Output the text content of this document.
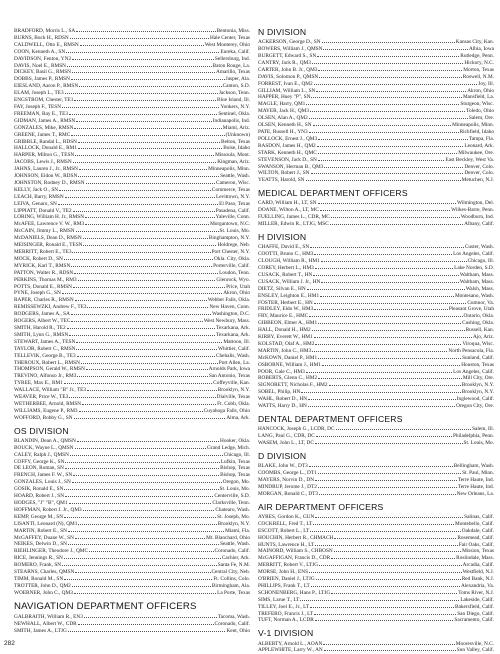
BRADFORD, Morris L., SA	Bentonia, Miss.
BURNS, Buck H., RDSN	Hale Center, Texas
CALDWELL, Otto E., RMSN	West Monterey, Ohio
COON, Kenneth A., SN	Eureka, Calif.
DAVIDSON, Fenton, YN2	Sellersburg, Ind.
DAVIS, Noel E., RMSN	Baton Rouge, La.
DICKEY, Basil G., RMSN	Amarillo, Texas
DOBBS, James P., RMSN	Jasper, Ala.
EIESLAND, Aaron P., RMSN	Canton, S.D.
ELAM, Joseph L., TE3	Jackson, Tenn.
ENGSTROM, Chester, TE1	Blue Island, Ill.
FAY, Joseph F., TESN	Yonkers, N.Y.
FREEMAN, Ray E., TE3	Sentinel, Okla.
GIDMAN, James A., RMSN	Indianapolis, Ind.
GONZALES, Mike, RMSN	Miami, Ariz.
GREENE, James T., RMC	(Unknown)
GRIBBLE, Randal L., RDSN	Belton, Texas
HALLOCK, Donald E., RM1	Boise, Idaho
HARPER, Milton G., TESN	Missoula, Mont.
JACOBS, Lewis J., RMSN	Kingman, Ariz.
JAHNS, Lauren J., Jr., RMSN	Minneapolis, Minn.
JOHNSON, Eldon W., RDSN	Seattle, Wash.
JOHNSTON, Rodney D., RMSN	Cameron, Wisc.
KELLY, Jack O., SN	Commerce, Texas
LEACH, Barry, RMSN	Levittown, N.Y.
LEIVA, Genaro, SN	El Paso, Texas
LIPPIATT, Donald V., TE2	Pasadena, Calif.
LORING, William H. Jr., RMSN	Yaleville, Conn.
McAFEE, Lawrence V. W., RM3	Morgantown, N.C.
McCAIN, Jimmy L., RMSN	St. Louis, Mo.
McDANIELS, Dean D., RMSN	Binghampton, N.Y.
MEISINGER, Ronald E., TESN	Holdrege, Neb.
MERRITT, Robert E., TE3	Port Chester, N.Y.
MOCK, Robert D., SN	Okla. City, Okla.
MYRICK, Karl T., RMSN	Porterville, Calif.
PATTON, Walter R., RDSN	Loudon, Tenn.
PERKINS, Thomas M., RM3	Glenrock, Wyo.
POTTS, Donald E., RMSN	Price, Utah
PYNE, Joseph G., SN	Akron, Ohio
RAPER, Charles R., RMSN	Webber Falls, Okla.
REMISSEWZKI, Andrew F., TE3	New Haven, Conn.
RODGERS, James A., SA	Washington, D.C.
ROGERS, Albert W., TEC	West Newbury, Mass.
SMITH, Harold R., TE2	Texarkana, Ark.
SMITH, Lynn G., RMSN	Texarkana, Ark.
STEWART, James A., TESN	Mattoon, Ill.
TAYLOR, Robert C., RMSN	Whittier, Calif.
TELLEVIK, George B., TE3	Chehalis, Wash.
THEROUX, Robert L., RMSN	Port Allen, La.
THOMPSON, Gerald W., RMSN	Arnolds Park, Iowa
TREVINO, Alfonso Jr., RM3	San Antonio, Texas
TYREE, Max E., RM1	Coffeyville, Kan.
WALLACE, William "B" Jr., TE3	Brooklyn, N.Y.
WEAVER, Price W., TE3	Dialville, Texas
WETHERBEE, Arnold, RMSN	Ft. Cobb, Okla.
WILLIAMS, Eugene P., RM3	Cuyahoga Falls, Ohio
WOFFORD, Bobby G., SN	Alma, Ark.
OS DIVISION
BLANDIN, Dean A., QMSN	Hooker, Okla.
BOUCK, Wayne L., QMSN	Grand Ledge, Mich.
CALEY, Ralph J., QMSN	Chicago, Ill.
COFFY, George K., SN	Lufkin, Texas
DE LEON, Roman, SN	Bishop, Texas
FRENCH, James F. W., SN	Bishop, Texas
GONZALES, Louis J., SN	Oregon, Mo.
GOSIK, Ronald E., SN	St. Louis, Mo.
HOARD, Robert J., SN	Centerville, S.D.
HODGES, "J" "B", QM1	Clarksville, Tenn.
HOFFMAN, Robert J. Jr., QM3	Chatearo, Wash.
KEMP, George M., SN	St. Joseph, Mo.
LISANTI, Leonard (N), QM1	Brooklyn, N.Y.
MARTIN, Robert E., SN	Miami, Fla.
McGAFFEY, Duane W., SN	Mt. Blanchard, Ohio
NEIKES, Delwin D., SN	Seattle, Wash.
RIEHLINGER, Theodore J., QMC	Coronado, Calif.
RICE, Jennings R., SN	Cachier, Ark.
ROMERO, Frank, SN	Santa Fe, N.M.
STEARNS, Charles, QMSN	Central City, Neb.
TIMM, Ronald M., SN	Ft. Collins, Colo.
TROTTER, John D., QM2	Birmingham, Ala.
WOERNER, John C., QM3	La Porte, Texas
NAVIGATION DEPARTMENT OFFICERS
GALBRAITH, William R., EN3	Tacoma, Wash.
NEWHALL, Albert W., CDR	Coronado, Calif.
SMITH, James A., LTJG	Kent, Ohio
N DIVISION
ACKERSON, George D., SN	Kansas City, Kan.
BOWERS, William J., QMSN	Albia, Iowa
BURGETT, Edward S., SN	Rutledge, Penn.
CANTRY, Jack R., QM3	Hickory, N.C.
CARTER, John B. Jr., QM3	Morton, Texas
DAVIS, Solomon P., QMSN	Roswell, N.M.
FORREST, Ivan E., QM2	Joy, Ill.
GILLIAM, William L., SN	Akron, Ohio
HAPPER, Huey "P", SN	Mansfield, La.
MAGLE, Harry, QM1	Sturgeon, Wisc.
MAYER, Jack H., QM3	Toledo, Ohio
OLSEN, Alan A., QM2	Salem, Ore.
OLSEN, Kenneth H., SN	Minneapolis, Minn.
PATE, Russell H., YN3	Richfield, Idaho
POLLOCK, Ernest J., QM3	Tampa, Fla.
RASDON, James H., QM2	Leonard, Ark.
STARK, Kenneth H., QMC	Milwaukee, Ore.
STEVENSON, Jack D., SN	East Beckley, West Va.
SWANSON, Herman B., QM3	Denver, Colo.
WILTON, Robert J., SN	Denver, Colo.
YEATTS, Harold, SN	Metuchen, N.J.
MEDICAL DEPARTMENT OFFICERS
CARD, William H., LT, SN	Wilmington, Del.
DOANE, Wilton A., LT, MC	Wilkes-Barre, Penn.
FUELLING, James L., CDR, MC	Woodburn, Ind.
MILLER, Edwin R., LTJG, MSC	Albany, Calif.
H DIVISION
CHAFFE, David E., SN	Custer, Wash.
COOTTI, Bruno C., HM3	Los Angeles, Calif.
CLOUGH, William R., HM1	Chicago, Ill.
COREY, Herbert L., HM3	Lake Norden, S.D.
CUSACK, Robert T., HN	Waltham, Mass.
CUSACK, William J. Jr., HN	Waltham, Mass.
DIETZ, Silvan E., HN	Walsh, Mass.
ENSLEY, Leighton E., HM1	Montesano, Wash.
FOSTER, Herbert E., HN	Cumnor, Va.
FRIDLEY, Eldo W., HM3	Pleasant Grove, Utah
FRY, Maurice E., HMC	Ontario, Okla.
GIBBEON, Elmer A., HM1	Cushing, Okla.
HALL, Donald H., HM2	Russell, Kan.
KIRBY, Everett W., HM1	Ajo, Ariz.
KOLSTAD, Olaf A., HM2	Viroqua, Wisc.
MARTIN, John C., HM3	North Pensacola, Fla.
McKOWN, Daniel P., HM1	Sunland, Calif.
OSBORNE, William J., HM1	Houston, Texas
POOR, Gale C., HM3	Los Angeles, Calif.
ROBERTS, Glenn C., HM2	Mill City, Ore.
SIGNORETT, Nicholas F., HM2	Brooklyn, N.Y.
SOBEL, Philip, HN	Brooklyn, N.Y.
WAHL, Robert D., HN	Inglewood, Calif.
WATTS, Harry D., HN	Oregon City, Ore.
DENTAL DEPARTMENT OFFICERS
HANCOCK, Joseph G., LCDR, DC	Salem, Ill.
LANG, Paul G., CDR, DC	Philadelphia, Penn.
WASEM, John L., LT, DC	St. Louis, Mo.
D DIVISION
BLAKE, John W., DT3	Bellingham, Wash.
COOMBS, George L., DT1	St. Paul, Minn.
MAYERS, Norvin D., DN	Terre Haute, Ind.
MINDRUP, Jerome J., DT2	Terre Haute, Ind.
MORGAN, Ronald C., DT3	New Orleans, La.
AIR DEPARTMENT OFFICERS
AYRES, Gordon K., GUN	Salinas, Calif.
COCKRELL, Fred T., LT	Montebello, Calif.
ESCOTT, Robert L., LT	Oakdale, Calif.
HOUCHIN, Herbert R., CHMACH	Rosemead, Calif.
HUNTS, Lawrence H., LT	Fair Oaks, Calif.
MAINORD, William S., CHBOSN	Mission, Texas
McGAFFIGAN, Francis D., CDR	Roslindale, Mass.
MERRITT, Robert V., LTJG	Arcadia, Calif.
MORSE, John H., ENS	Westfield, N.J.
O'BRIEN, Daniel J., LTJG	Red Bank, N.J.
PHILLIPS, Frank T., LT	Alexandria, Va.
SCHONENBERG, Hans P., LTJG	Toms River, N.J.
SIMS, Larue T., LT	Lakeside, Calif.
TILLEY, Joel E., Jr., LT	Bakersfield, Calif.
TREFERO, Francis J., LT	San Diego, Calif.
TUFT, Norman A., LCDR	Sacramento, Calif.
V-1 DIVISION
ALBERTY, Arnold L., AOAN	Mooresville, N.C.
APPLEWHITE, Larry W., AN	Sun Valley, Calif.
282
